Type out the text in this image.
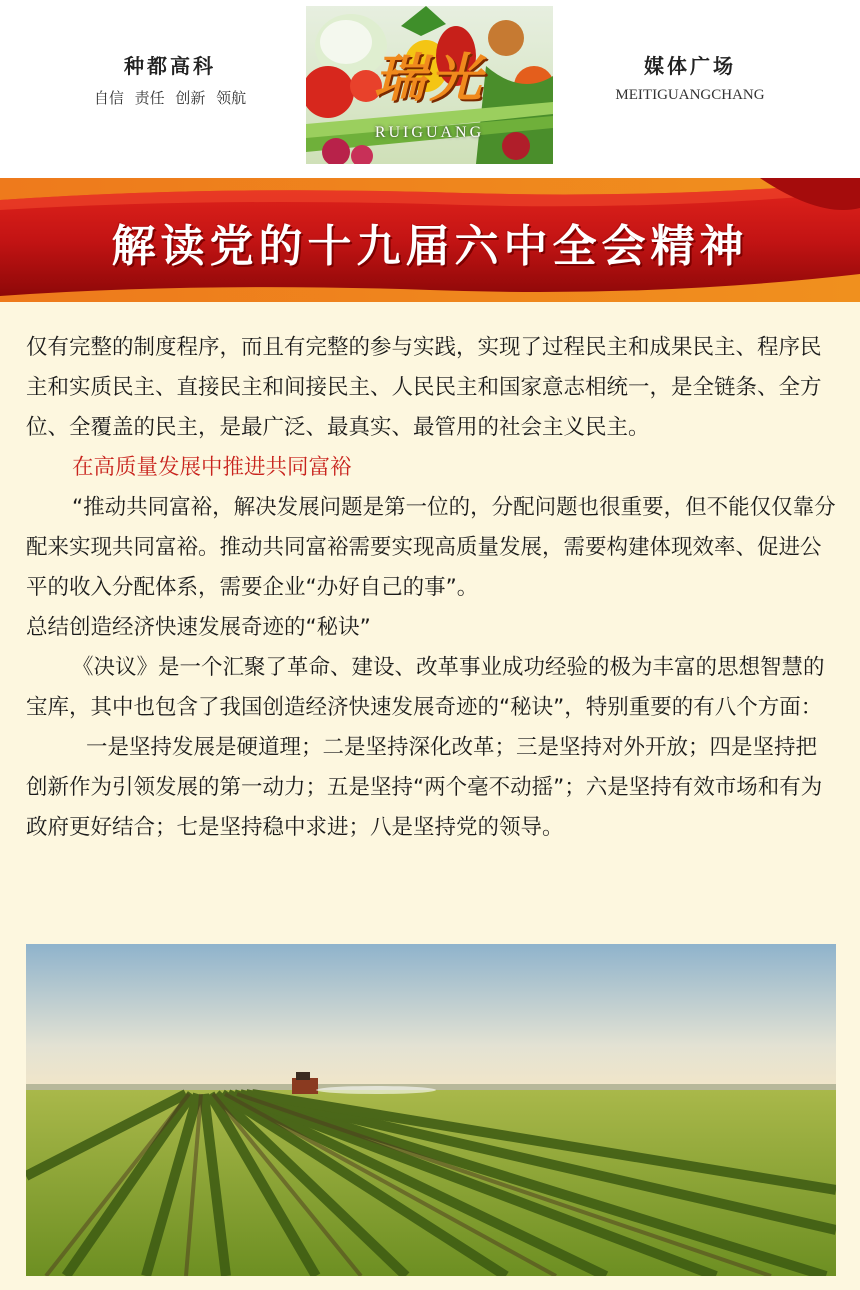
种都高科
自信 责任 创新 领航	瑞光
RUIGUANG
媒体广场
MEITIGUANGCHANG
解读党的十九届六中全会精神

仅有完整的制度程序，而且有完整的参与实践，实现了过程民主和成果民主、程序民主和实质民主、直接民主和间接民主、人民民主和国家意志相统一，是全链条、全方位、全覆盖的民主，是最广泛、最真实、最管用的社会主义民主。

在高质量发展中推进共同富裕

“推动共同富裕，解决发展问题是第一位的，分配问题也很重要，但不能仅仅靠分配来实现共同富裕。推动共同富裕需要实现高质量发展，需要构建体现效率、促进公平的收入分配体系，需要企业“办好自己的事”。

总结创造经济快速发展奇迹的“秘诀”

《决议》是一个汇聚了革命、建设、改革事业成功经验的极为丰富的思想智慧的宝库，其中也包含了我国创造经济快速发展奇迹的“秘诀”，特别重要的有八个方面：

一是坚持发展是硬道理；二是坚持深化改革；三是坚持对外开放；四是坚持把创新作为引领发展的第一动力；五是坚持“两个毫不动摇”；六是坚持有效市场和有为政府更好结合；七是坚持稳中求进；八是坚持党的领导。
